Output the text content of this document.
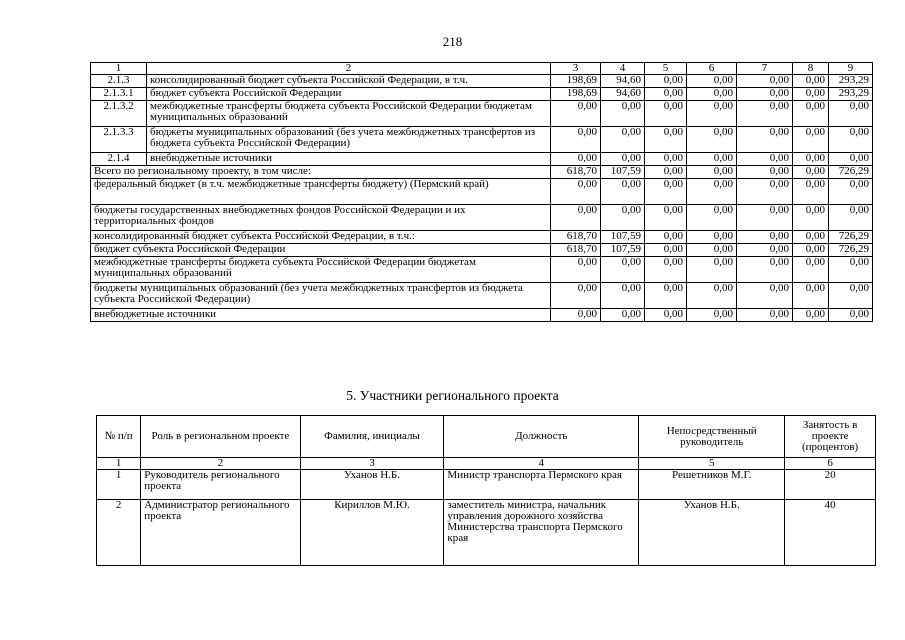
218
1	2	3	4	5	6	7	8	9
2.1.3	консолидированный бюджет субъекта Российской Федерации, в т.ч.	198,69	94,60	0,00	0,00	0,00	0,00	293,29
2.1.3.1	бюджет субъекта Российской Федерации	198,69	94,60	0,00	0,00	0,00	0,00	293,29
2.1.3.2	межбюджетные трансферты бюджета субъекта Российской Федерации бюджетам муниципальных образований	0,00	0,00	0,00	0,00	0,00	0,00	0,00
2.1.3.3	бюджеты муниципальных образований (без учета межбюджетных трансфертов из бюджета субъекта Российской Федерации)	0,00	0,00	0,00	0,00	0,00	0,00	0,00
2.1.4	внебюджетные источники	0,00	0,00	0,00	0,00	0,00	0,00	0,00
Всего по региональному проекту, в том числе:		618,70	107,59	0,00	0,00	0,00	0,00	726,29
федеральный бюджет (в т.ч. межбюджетные трансферты бюджету) (Пермский край)		0,00	0,00	0,00	0,00	0,00	0,00	0,00
бюджеты государственных внебюджетных фондов Российской Федерации и их территориальных фондов		0,00	0,00	0,00	0,00	0,00	0,00	0,00
консолидированный бюджет субъекта Российской Федерации, в т.ч.:		618,70	107,59	0,00	0,00	0,00	0,00	726,29
бюджет субъекта Российской Федерации		618,70	107,59	0,00	0,00	0,00	0,00	726,29
межбюджетные трансферты бюджета субъекта Российской Федерации бюджетам муниципальных образований		0,00	0,00	0,00	0,00	0,00	0,00	0,00
бюджеты муниципальных образований (без учета межбюджетных трансфертов из бюджета субъекта Российской Федерации)		0,00	0,00	0,00	0,00	0,00	0,00	0,00
внебюджетные источники		0,00	0,00	0,00	0,00	0,00	0,00	0,00
5. Участники регионального проекта
№ п/п	Роль в региональном проекте	Фамилия, инициалы	Должность	Непосредственный руководитель	Занятость в проекте (процентов)
1	2	3	4	5	6
1	Руководитель регионального проекта	Уханов Н.Б.	Министр транспорта Пермского края	Решетников М.Г.	20
2	Администратор регионального проекта	Кириллов М.Ю.	заместитель министра, начальник управления дорожного хозяйства Министерства транспорта Пермского края	Уханов Н.Б.	40
